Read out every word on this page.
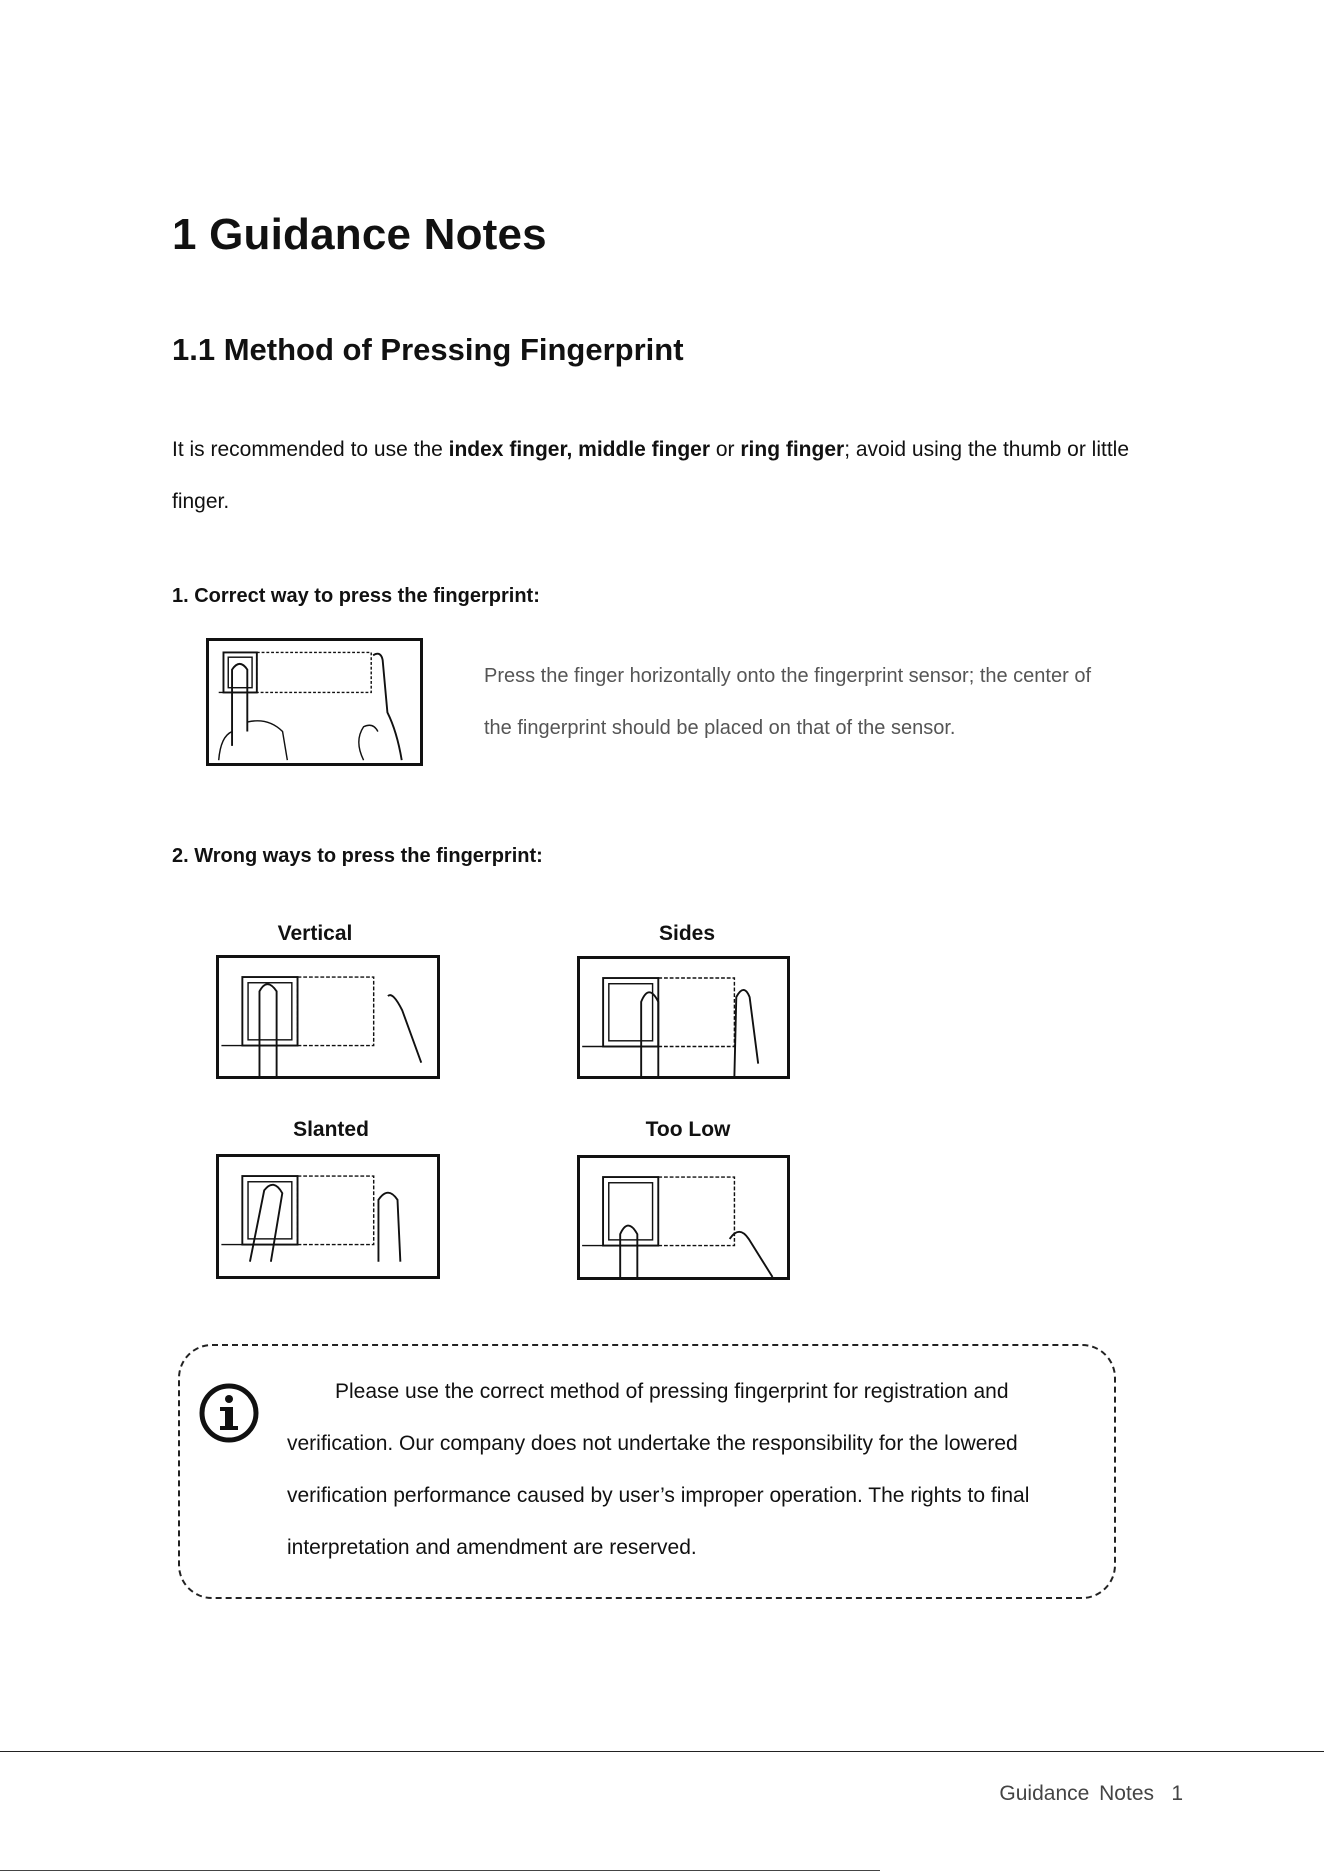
1 Guidance Notes
1.1 Method of Pressing Fingerprint
It is recommended to use the index finger, middle finger or ring finger; avoid using the thumb or little finger.
1. Correct way to press the fingerprint:
Press the finger horizontally onto the fingerprint sensor; the center of the fingerprint should be placed on that of the sensor.
2. Wrong ways to press the fingerprint:
Vertical	Sides
Slanted	Too Low
Please use the correct method of pressing fingerprint for registration and verification. Our company does not undertake the responsibility for the lowered verification performance caused by user’s improper operation. The rights to final interpretation and amendment are reserved.
Guidance Notes 1
